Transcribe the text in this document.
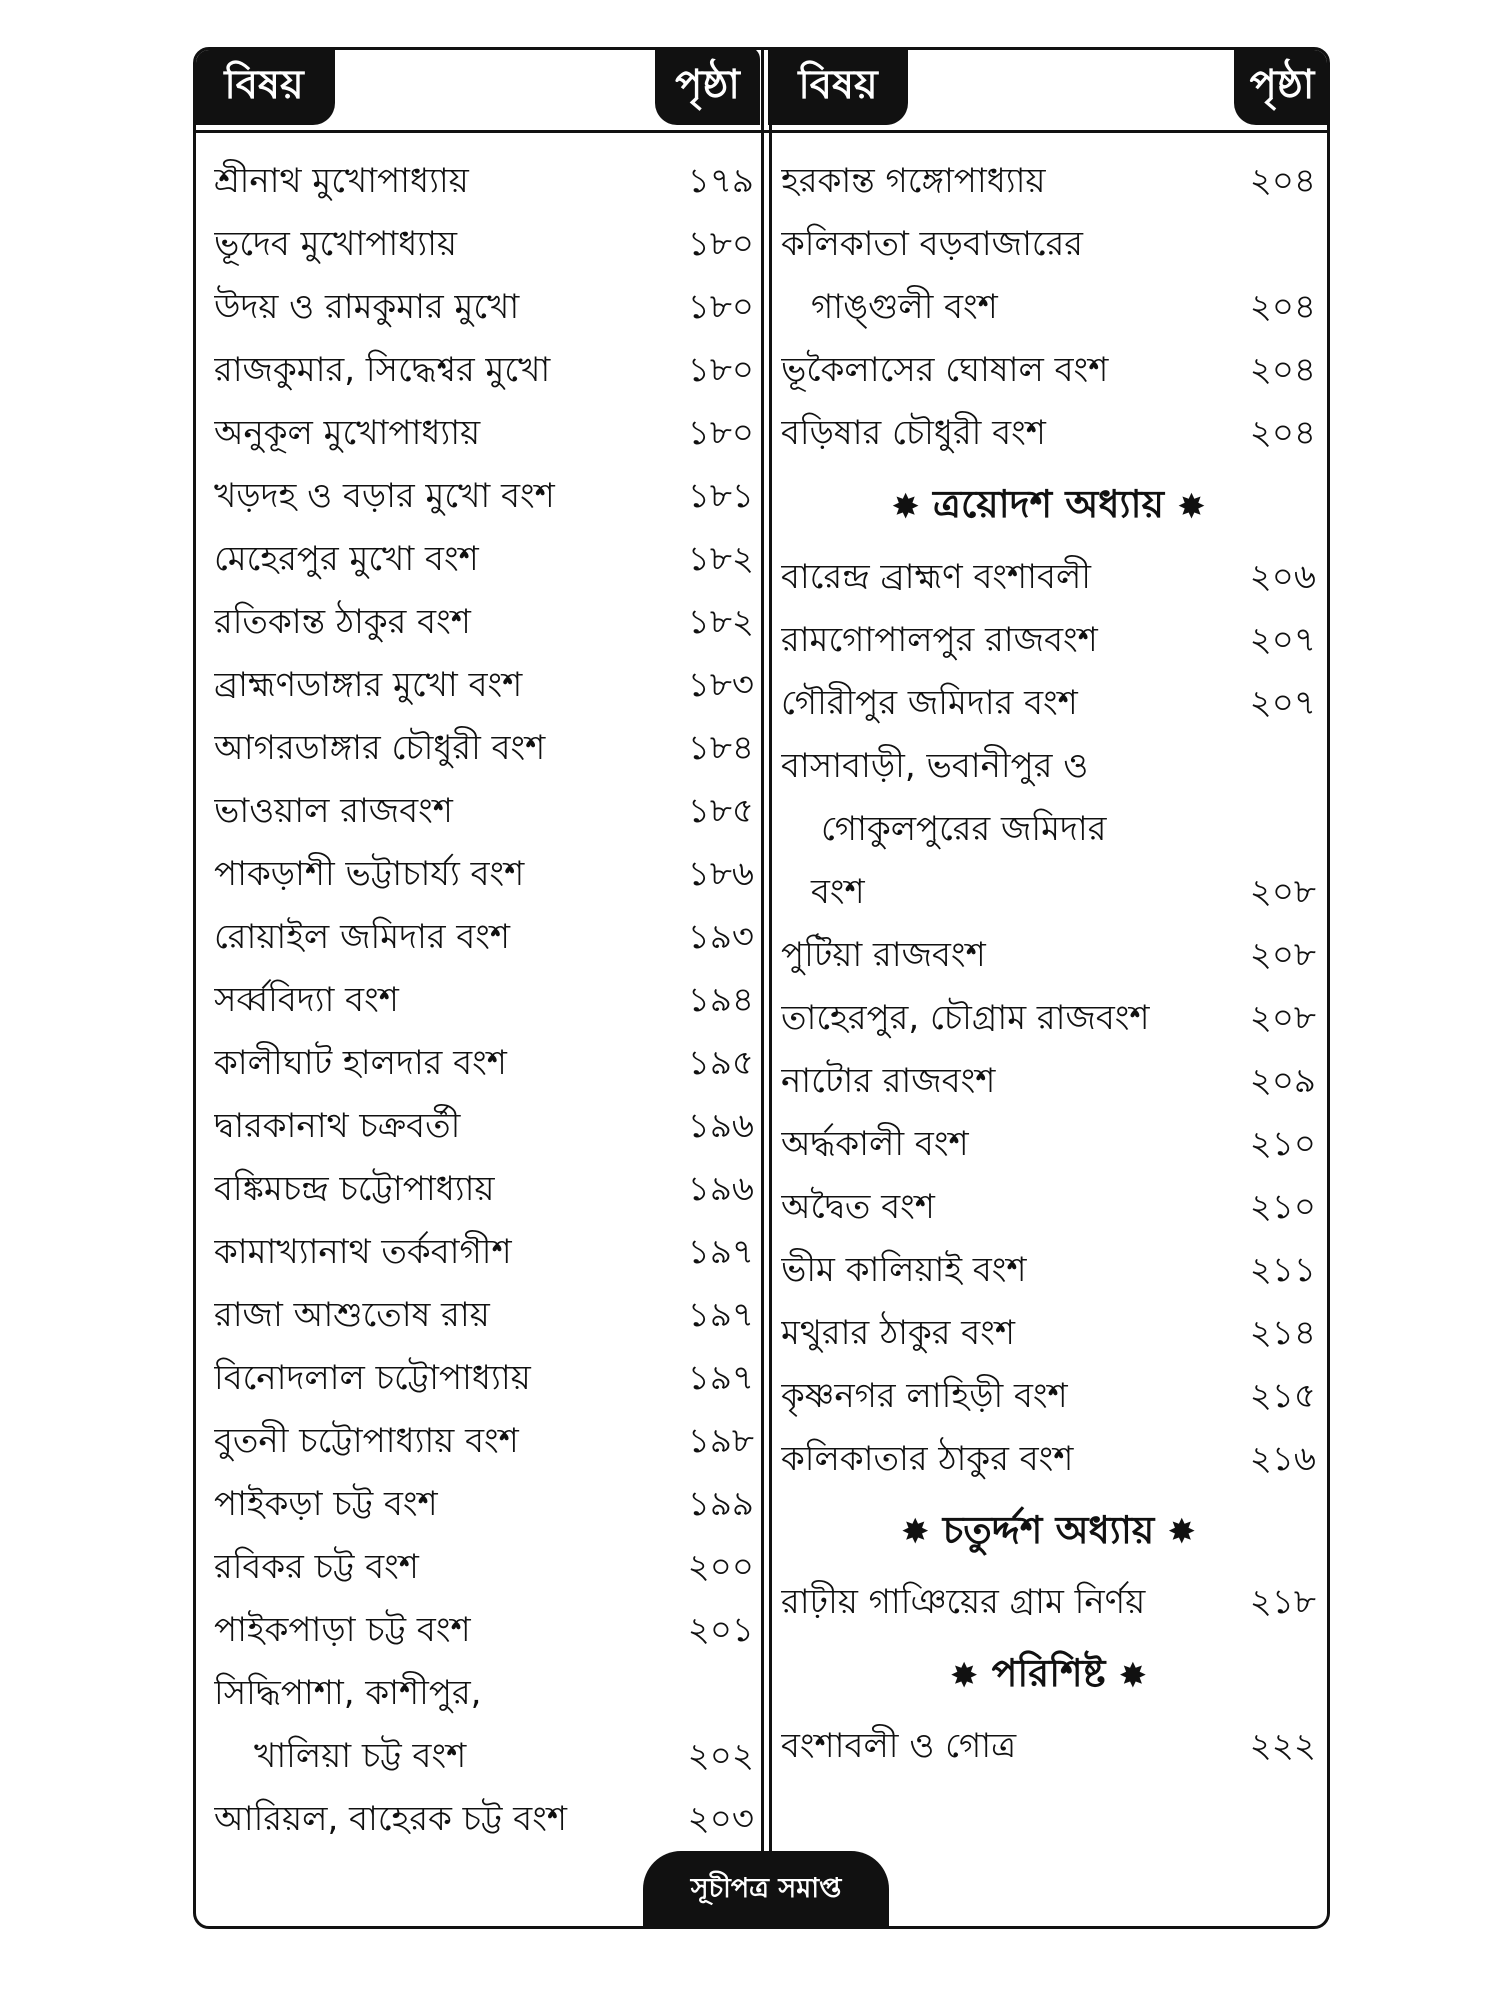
বিষয়	পৃষ্ঠা	বিষয়	পৃষ্ঠা
শ্রীনাথ মুখোপাধ্যায়	১৭৯
ভূদেব মুখোপাধ্যায়	১৮০
উদয় ও রামকুমার মুখো	১৮০
রাজকুমার, সিদ্ধেশ্বর মুখো	১৮০
অনুকূল মুখোপাধ্যায়	১৮০
খড়দহ ও বড়ার মুখো বংশ	১৮১
মেহেরপুর মুখো বংশ	১৮২
রতিকান্ত ঠাকুর বংশ	১৮২
ব্রাহ্মণডাঙ্গার মুখো বংশ	১৮৩
আগরডাঙ্গার চৌধুরী বংশ	১৮৪
ভাওয়াল রাজবংশ	১৮৫
পাকড়াশী ভট্টাচার্য্য বংশ	১৮৬
রোয়াইল জমিদার বংশ	১৯৩
সর্ব্ববিদ্যা বংশ	১৯৪
কালীঘাট হালদার বংশ	১৯৫
দ্বারকানাথ চক্রবর্তী	১৯৬
বঙ্কিমচন্দ্র চট্টোপাধ্যায়	১৯৬
কামাখ্যানাথ তর্কবাগীশ	১৯৭
রাজা আশুতোষ রায়	১৯৭
বিনোদলাল চট্টোপাধ্যায়	১৯৭
বুতনী চট্টোপাধ্যায় বংশ	১৯৮
পাইকড়া চট্ট বংশ	১৯৯
রবিকর চট্ট বংশ	২০০
পাইকপাড়া চট্ট বংশ	২০১
সিদ্ধিপাশা, কাশীপুর,
খালিয়া চট্ট বংশ	২০২
আরিয়ল, বাহেরক চট্ট বংশ	২০৩
হরকান্ত গঙ্গোপাধ্যায়	২০৪
কলিকাতা বড়বাজারের
গাঙ্গুলী বংশ	২০৪
ভূকৈলাসের ঘোষাল বংশ	২০৪
বড়িষার চৌধুরী বংশ	২০৪
✸ ত্রয়োদশ অধ্যায় ✸
বারেন্দ্র ব্রাহ্মণ বংশাবলী	২০৬
রামগোপালপুর রাজবংশ	২০৭
গৌরীপুর জমিদার বংশ	২০৭
বাসাবাড়ী, ভবানীপুর ও
গোকুলপুরের জমিদার
বংশ	২০৮
পুটিয়া রাজবংশ	২০৮
তাহেরপুর, চৌগ্রাম রাজবংশ	২০৮
নাটোর রাজবংশ	২০৯
অর্দ্ধকালী বংশ	২১০
অদ্বৈত বংশ	২১০
ভীম কালিয়াই বংশ	২১১
মথুরার ঠাকুর বংশ	২১৪
কৃষ্ণনগর লাহিড়ী বংশ	২১৫
কলিকাতার ঠাকুর বংশ	২১৬
✸ চতুর্দ্দশ অধ্যায় ✸
রাঢ়ীয় গাঞিয়ের গ্রাম নির্ণয়	২১৮
✸ পরিশিষ্ট ✸
বংশাবলী ও গোত্র	২২২
সূচীপত্র সমাপ্ত
